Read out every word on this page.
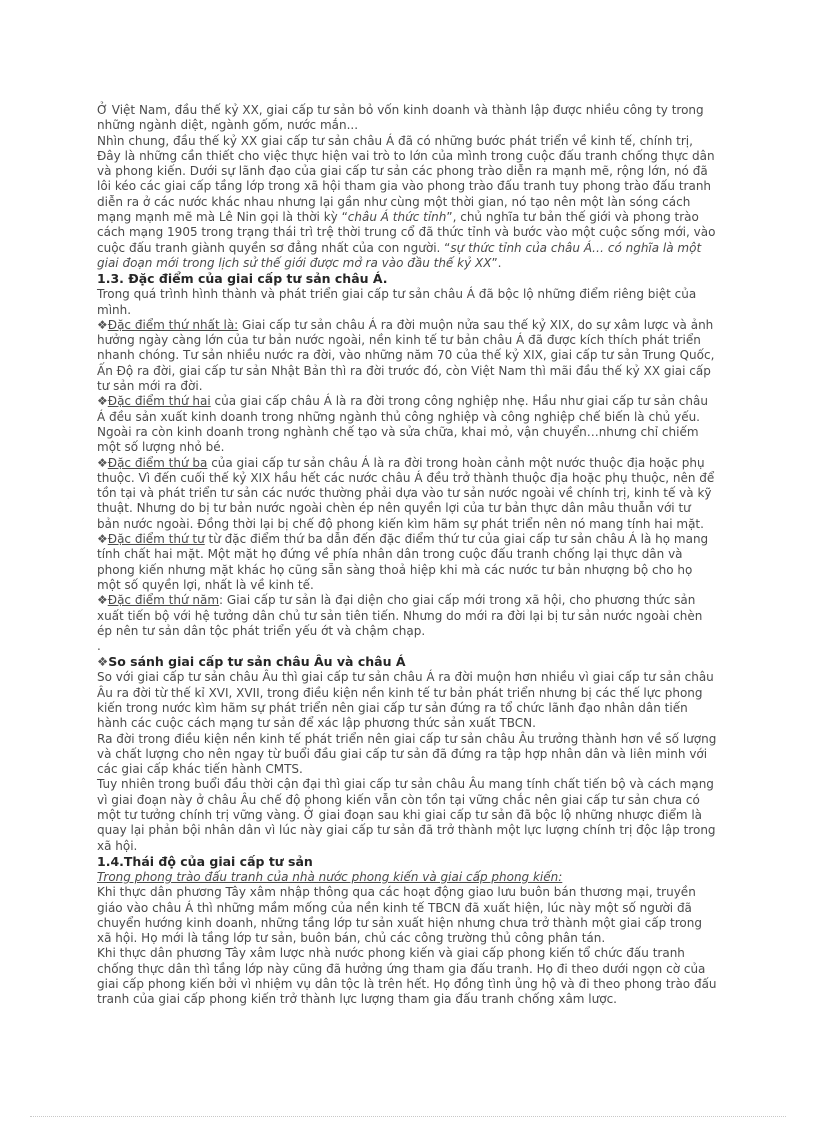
Ở Việt Nam, đầu thế kỷ XX, giai cấp tư sản bỏ vốn kinh doanh và thành lập được nhiều công ty trong những ngành diệt, ngành gốm, nước mắn...

Nhìn chung, đầu thế kỷ XX giai cấp tư sản châu Á đã có những bước phát triển về kinh tế, chính trị, Đây là những cần thiết cho việc thực hiện vai trò to lớn của mình trong cuộc đấu tranh chống thực dân và phong kiến. Dưới sự lãnh đạo của giai cấp tư sản các phong trào diễn ra mạnh mẽ, rộng lớn, nó đã lôi kéo các giai cấp tầng lớp trong xã hội tham gia vào phong trào đấu tranh tuy phong trào đấu tranh diễn ra ở các nước khác nhau nhưng lại gần như cùng một thời gian, nó tạo nên một làn sóng cách mạng mạnh mẽ mà Lê Nin gọi là thời kỳ “châu Á thức tỉnh”, chủ nghĩa tư bản thế giới và phong trào cách mạng 1905 trong trạng thái trì trệ thời trung cổ đã thức tỉnh và bước vào một cuộc sống mới, vào cuộc đấu tranh giành quyền sơ đẳng nhất của con người. “sự thức tỉnh của châu Á… có nghĩa là một giai đoạn mới trong lịch sử thế giới được mở ra vào đầu thế kỷ XX”.

1.3. Đặc điểm của giai cấp tư sản châu Á.

Trong quá trình hình thành và phát triển giai cấp tư sản châu Á đã bộc lộ những điểm riêng biệt của mình.

❖Đặc điểm thứ nhất là: Giai cấp tư sản châu Á ra đời muộn nửa sau thế kỷ XIX, do sự xâm lược và ảnh hưởng ngày càng lớn của tư bản nước ngoài, nền kinh tế tư bản châu Á đã được kích thích phát triển nhanh chóng. Tư sản nhiều nước ra đời, vào những năm 70 của thế kỷ XIX, giai cấp tư sản Trung Quốc, Ấn Độ ra đời, giai cấp tư sản Nhật Bản thì ra đời trước đó, còn Việt Nam thì mãi đầu thế kỷ XX giai cấp tư sản mới ra đời.

❖Đặc điểm thứ hai của giai cấp châu Á là ra đời trong công nghiệp nhẹ. Hầu như giai cấp tư sản châu Á đều sản xuất kinh doanh trong những ngành thủ công nghiệp và công nghiệp chế biến là chủ yếu. Ngoài ra còn kinh doanh trong nghành chế tạo và sửa chữa, khai mỏ, vận chuyển…nhưng chỉ chiếm một số lượng nhỏ bé.

❖Đặc điểm thứ ba của giai cấp tư sản châu Á là ra đời trong hoàn cảnh một nước thuộc địa hoặc phụ thuộc. Vì đến cuối thế kỷ XIX hầu hết các nước châu Á đều trở thành thuộc địa hoặc phụ thuộc, nên để tồn tại và phát triển tư sản các nước thường phải dựa vào tư sản nước ngoài về chính trị, kinh tế và kỹ thuật. Nhưng do bị tư bản nước ngoài chèn ép nên quyền lợi của tư bản thực dân mâu thuẫn với tư bản nước ngoài. Đồng thời lại bị chế độ phong kiến kìm hãm sự phát triển nên nó mang tính hai mặt.

❖Đặc điểm thứ tư từ đặc điểm thứ ba dẫn đến đặc điểm thứ tư của giai cấp tư sản châu Á là họ mang tính chất hai mặt. Một mặt họ đứng về phía nhân dân trong cuộc đấu tranh chống lại thực dân và phong kiến nhưng mặt khác họ cũng sẵn sàng thoả hiệp khi mà các nước tư bản nhượng bộ cho họ một số quyền lợi, nhất là về kinh tế.

❖Đặc điểm thứ năm: Giai cấp tư sản là đại diện cho giai cấp mới trong xã hội, cho phương thức sản xuất tiến bộ với hệ tưởng dân chủ tư sản tiên tiến. Nhưng do mới ra đời lại bị tư sản nước ngoài chèn ép nên tư sản dân tộc phát triển yếu ớt và chậm chạp.

.

❖So sánh giai cấp tư sản châu Âu và châu Á

So với giai cấp tư sản châu Âu thì giai cấp tư sản châu Á ra đời muộn hơn nhiều vì giai cấp tư sản châu Âu ra đời từ thế kỉ XVI, XVII, trong điều kiện nền kinh tế tư bản phát triển nhưng bị các thế lực phong kiến trong nước kìm hãm sự phát triển nên giai cấp tư sản đứng ra tổ chức lãnh đạo nhân dân tiến hành các cuộc cách mạng tư sản để xác lập phương thức sản xuất TBCN.

Ra đời trong điều kiện nền kinh tế phát triển nên giai cấp tư sản châu Âu trưởng thành hơn về số lượng và chất lượng cho nên ngay từ buổi đầu giai cấp tư sản đã đứng ra tập hợp nhân dân và liên minh với các giai cấp khác tiến hành CMTS.

Tuy nhiên trong buổi đầu thời cận đại thì giai cấp tư sản châu Âu mang tính chất tiến bộ và cách mạng vì giai đoạn này ở châu Âu chế độ phong kiến vẫn còn tồn tại vững chắc nên giai cấp tư sản chưa có một tư tưởng chính trị vững vàng. Ở giai đoạn sau khi giai cấp tư sản đã bộc lộ những nhược điểm là quay lại phản bội nhân dân vì lúc này giai cấp tư sản đã trở thành một lực lượng chính trị độc lập trong xã hội.

1.4.Thái độ của giai cấp tư sản

Trong phong trào đấu tranh của nhà nước phong kiến và giai cấp phong kiến:

Khi thực dân phương Tây xâm nhập thông qua các hoạt động giao lưu buôn bán thương mại, truyền giáo vào châu Á thì những mầm mống của nền kinh tế TBCN đã xuất hiện, lúc này một số người đã chuyển hướng kinh doanh, những tầng lớp tư sản xuất hiện nhưng chưa trở thành một giai cấp trong xã hội. Họ mới là tầng lớp tư sản, buôn bán, chủ các công trường thủ công phân tán.

Khi thực dân phương Tây xâm lược nhà nước phong kiến và giai cấp phong kiến tổ chức đấu tranh chống thực dân thì tầng lớp này cũng đã hưởng ứng tham gia đấu tranh. Họ đi theo dưới ngọn cờ của giai cấp phong kiến bởi vì nhiệm vụ dân tộc là trên hết. Họ đồng tình ủng hộ và đi theo phong trào đấu tranh của giai cấp phong kiến trở thành lực lượng tham gia đấu tranh chống xâm lược.
